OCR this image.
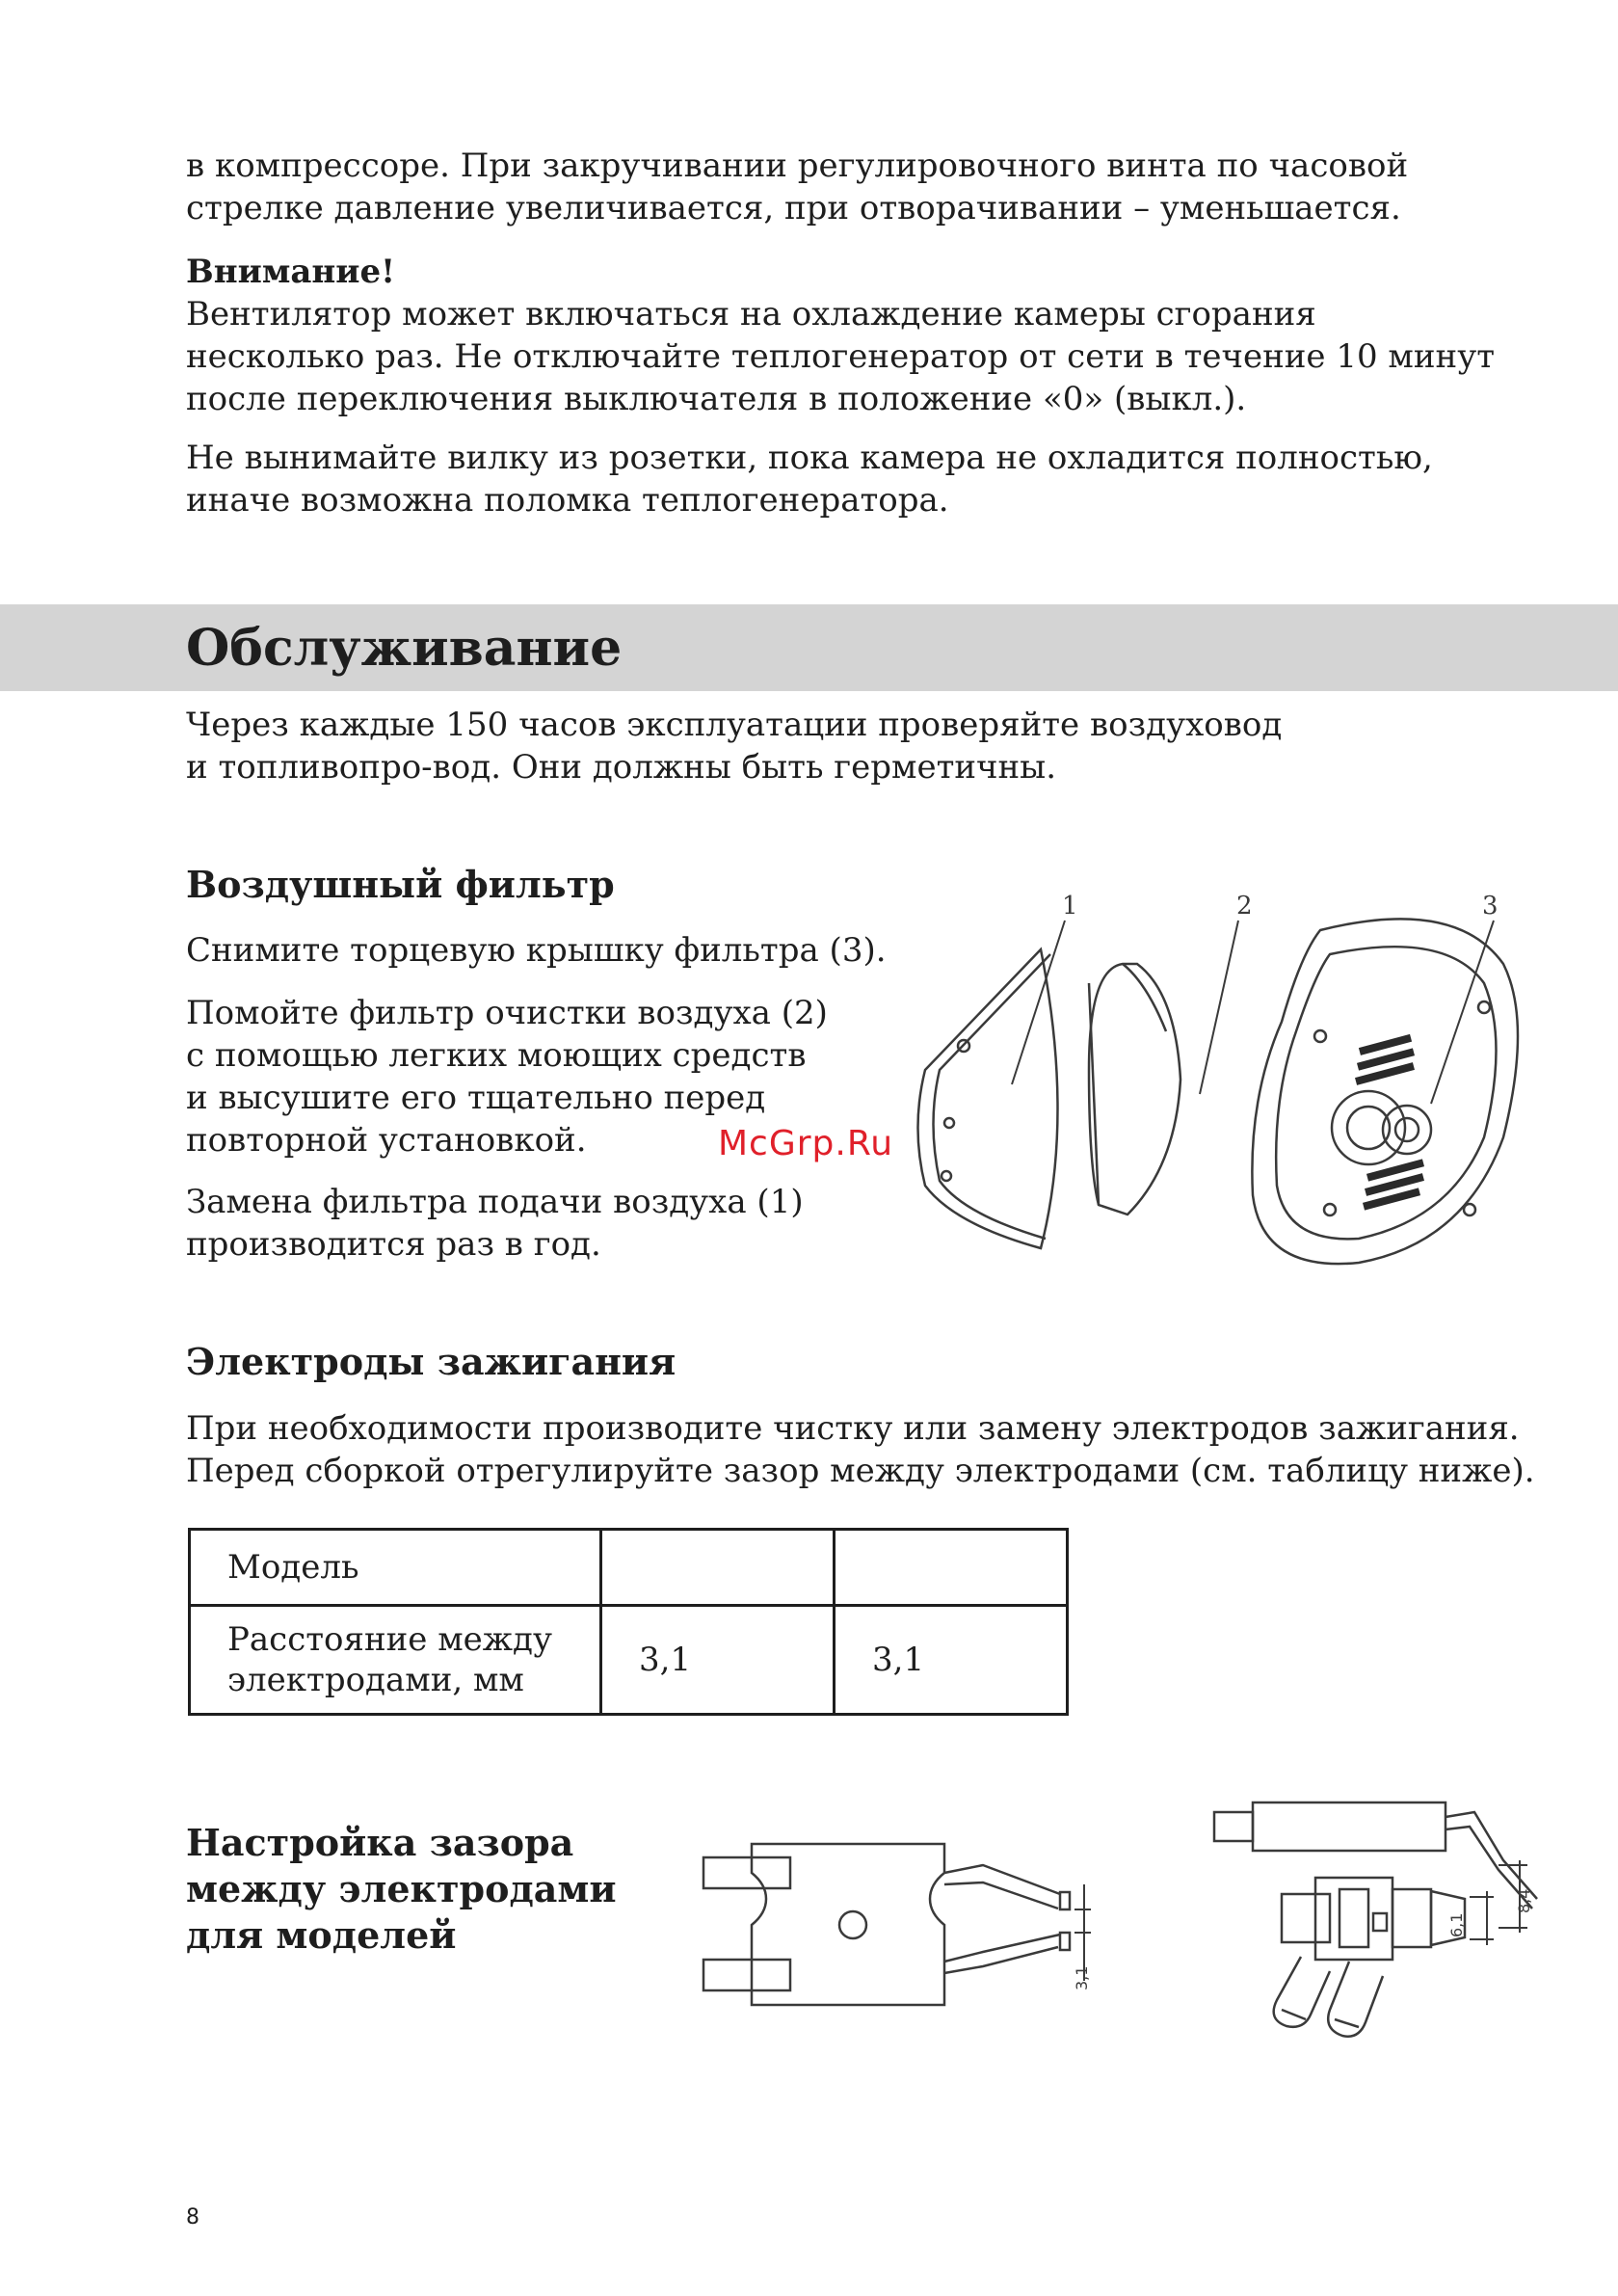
в компрессоре. При закручивании регулировочного винта по часовой
стрелке давление увеличивается, при отворачивании – уменьшается.

Внимание!
Вентилятор может включаться на охлаждение камеры сгорания
несколько раз. Не отключайте теплогенератор от сети в течение 10 минут
после переключения выключателя в положение «0» (выкл.).

Не вынимайте вилку из розетки, пока камера не охладится полностью,
иначе возможна поломка теплогенератора.

Обслуживание

Через каждые 150 часов эксплуатации проверяйте воздуховод
и топливопро-вод. Они должны быть герметичны.

Воздушный фильтр

Снимите торцевую крышку фильтра (3).

Помойте фильтр очистки воздуха (2)
с помощью легких моющих средств
и высушите его тщательно перед
повторной установкой.

Замена фильтра подачи воздуха (1)
производится раз в год.

McGrp.Ru
1	2	3
Электроды зажигания

При необходимости производите чистку или замену электродов зажигания.
Перед сборкой отрегулируйте зазор между электродами (см. таблицу ниже).

Модель		

Расстояние между
электродами, мм	3,1	3,1

Настройка зазора
между электродами
для моделей

3,1
6,1
8,4
8
